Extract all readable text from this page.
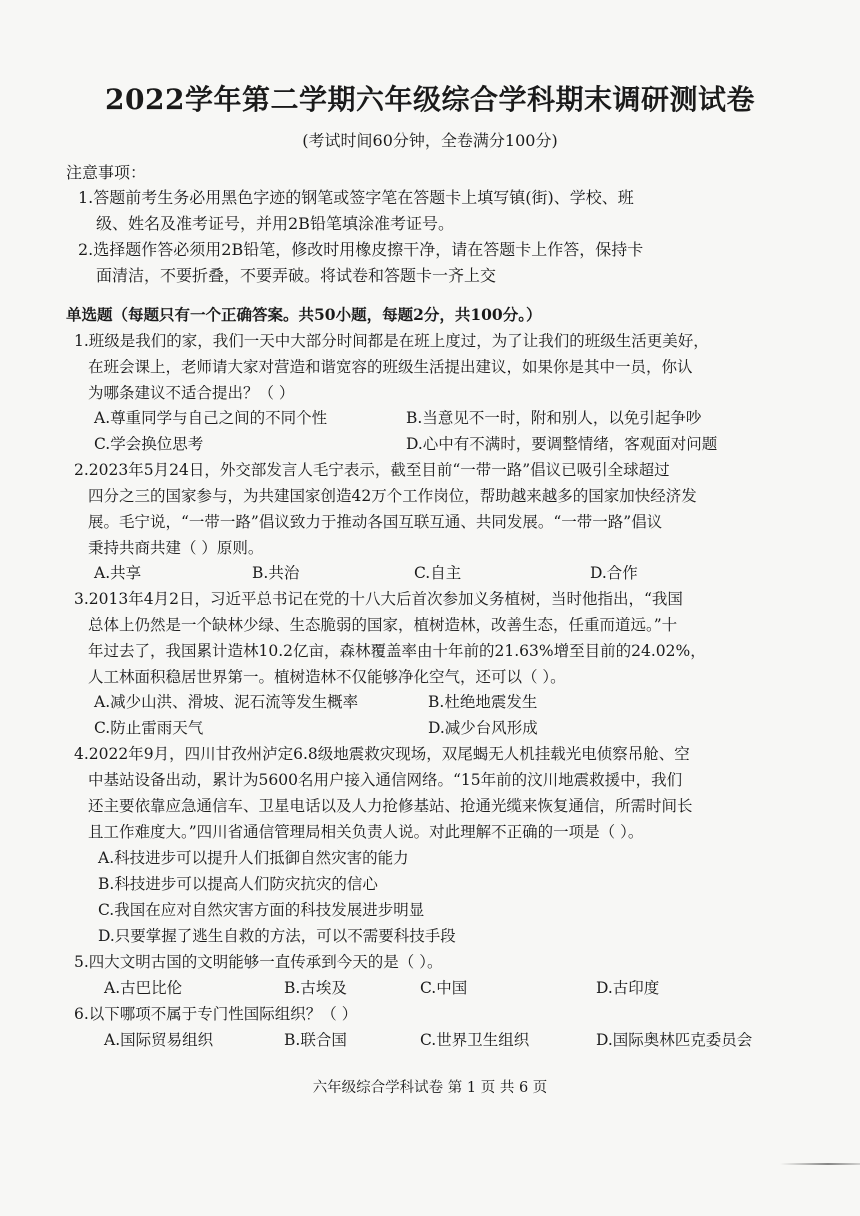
2022学年第二学期六年级综合学科期末调研测试卷
(考试时间60分钟，全卷满分100分)
注意事项：
1.答题前考生务必用黑色字迹的钢笔或签字笔在答题卡上填写镇(街)、学校、班
级、姓名及准考证号，并用2B铅笔填涂准考证号。
2.选择题作答必须用2B铅笔，修改时用橡皮擦干净，请在答题卡上作答，保持卡
面清洁，不要折叠，不要弄破。将试卷和答题卡一齐上交
单选题（每题只有一个正确答案。共50小题，每题2分，共100分。）
1.班级是我们的家，我们一天中大部分时间都是在班上度过，为了让我们的班级生活更美好，
在班会课上，老师请大家对营造和谐宽容的班级生活提出建议，如果你是其中一员，你认
为哪条建议不适合提出？（ ）
A.尊重同学与自己之间的不同个性	B.当意见不一时，附和别人，以免引起争吵
C.学会换位思考	D.心中有不满时，要调整情绪，客观面对问题
2.2023年5月24日，外交部发言人毛宁表示，截至目前“一带一路”倡议已吸引全球超过
四分之三的国家参与，为共建国家创造42万个工作岗位，帮助越来越多的国家加快经济发
展。毛宁说，“一带一路”倡议致力于推动各国互联互通、共同发展。“一带一路”倡议
秉持共商共建（ ）原则。
A.共享	B.共治	C.自主	D.合作
3.2013年4月2日，习近平总书记在党的十八大后首次参加义务植树，当时他指出，“我国
总体上仍然是一个缺林少绿、生态脆弱的国家，植树造林，改善生态，任重而道远。”十
年过去了，我国累计造林10.2亿亩，森林覆盖率由十年前的21.63%增至目前的24.02%，
人工林面积稳居世界第一。植树造林不仅能够净化空气，还可以（ ）。
A.减少山洪、滑坡、泥石流等发生概率	B.杜绝地震发生
C.防止雷雨天气	D.减少台风形成
4.2022年9月，四川甘孜州泸定6.8级地震救灾现场，双尾蝎无人机挂载光电侦察吊舱、空
中基站设备出动，累计为5600名用户接入通信网络。“15年前的汶川地震救援中，我们
还主要依靠应急通信车、卫星电话以及人力抢修基站、抢通光缆来恢复通信，所需时间长
且工作难度大。”四川省通信管理局相关负责人说。对此理解不正确的一项是（ ）。
A.科技进步可以提升人们抵御自然灾害的能力
B.科技进步可以提高人们防灾抗灾的信心
C.我国在应对自然灾害方面的科技发展进步明显
D.只要掌握了逃生自救的方法，可以不需要科技手段
5.四大文明古国的文明能够一直传承到今天的是（ ）。
A.古巴比伦	B.古埃及	C.中国	D.古印度
6.以下哪项不属于专门性国际组织？（ ）
A.国际贸易组织	B.联合国	C.世界卫生组织	D.国际奥林匹克委员会
六年级综合学科试卷 第 1 页 共 6 页
